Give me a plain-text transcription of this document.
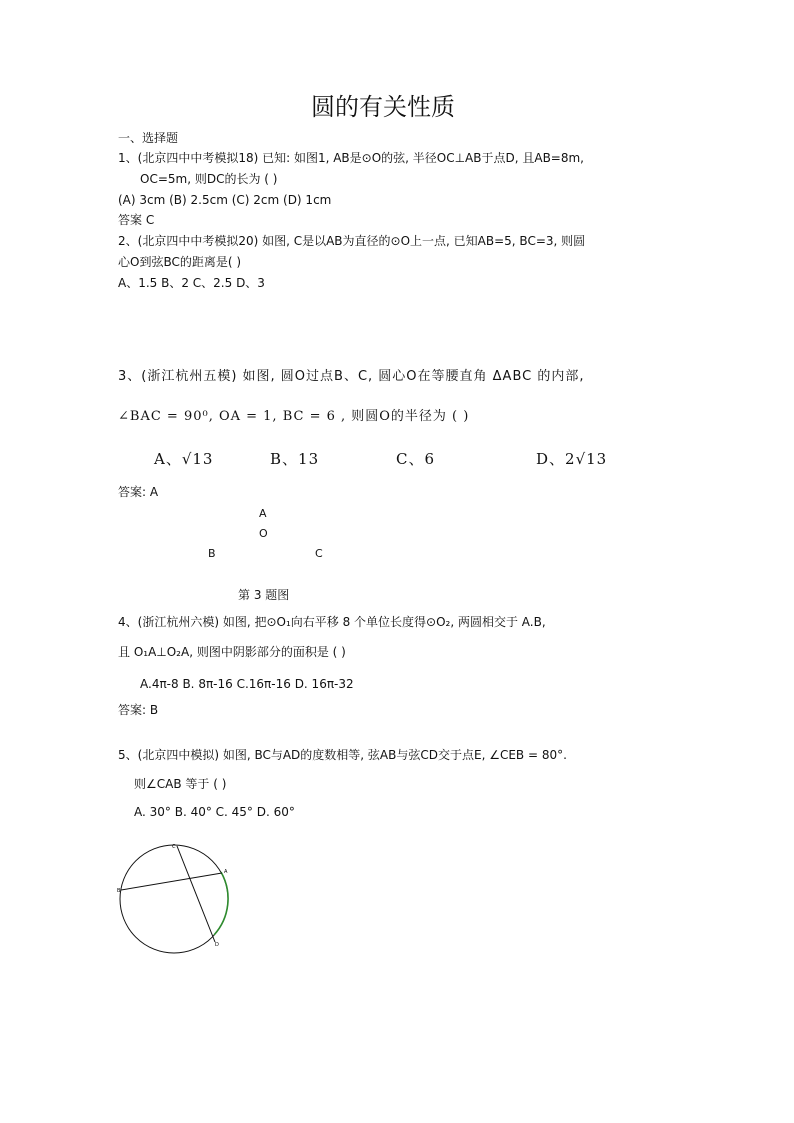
圆的有关性质
一、选择题
1、(北京四中中考模拟18) 已知: 如图1, AB是⊙O的弦, 半径OC⊥AB于点D, 且AB=8m,
OC=5m, 则DC的长为 ( )
(A) 3cm (B) 2.5cm (C) 2cm (D) 1cm
答案 C
2、(北京四中中考模拟20) 如图, C是以AB为直径的⊙O上一点, 已知AB=5, BC=3, 则圆
心O到弦BC的距离是( )
A、1.5 B、2 C、2.5 D、3
3、(浙江杭州五模) 如图, 圆O过点B、C, 圆心O在等腰直角 ΔABC 的内部,
∠BAC = 90⁰, OA = 1, BC = 6 , 则圆O的半径为 ( )
A、√13	B、13	C、6	D、2√13
答案: A
A
O
B	C
第 3 题图
4、(浙江杭州六模) 如图, 把⊙O₁向右平移 8 个单位长度得⊙O₂, 两圆相交于 A.B,
且 O₁A⊥O₂A, 则图中阴影部分的面积是 ( )
A.4π-8 B. 8π-16 C.16π-16 D. 16π-32
答案: B
5、(北京四中模拟) 如图, BC与AD的度数相等, 弦AB与弦CD交于点E, ∠CEB = 80°.
则∠CAB 等于 ( )
A. 30° B. 40° C. 45° D. 60°
C
A
B
D
